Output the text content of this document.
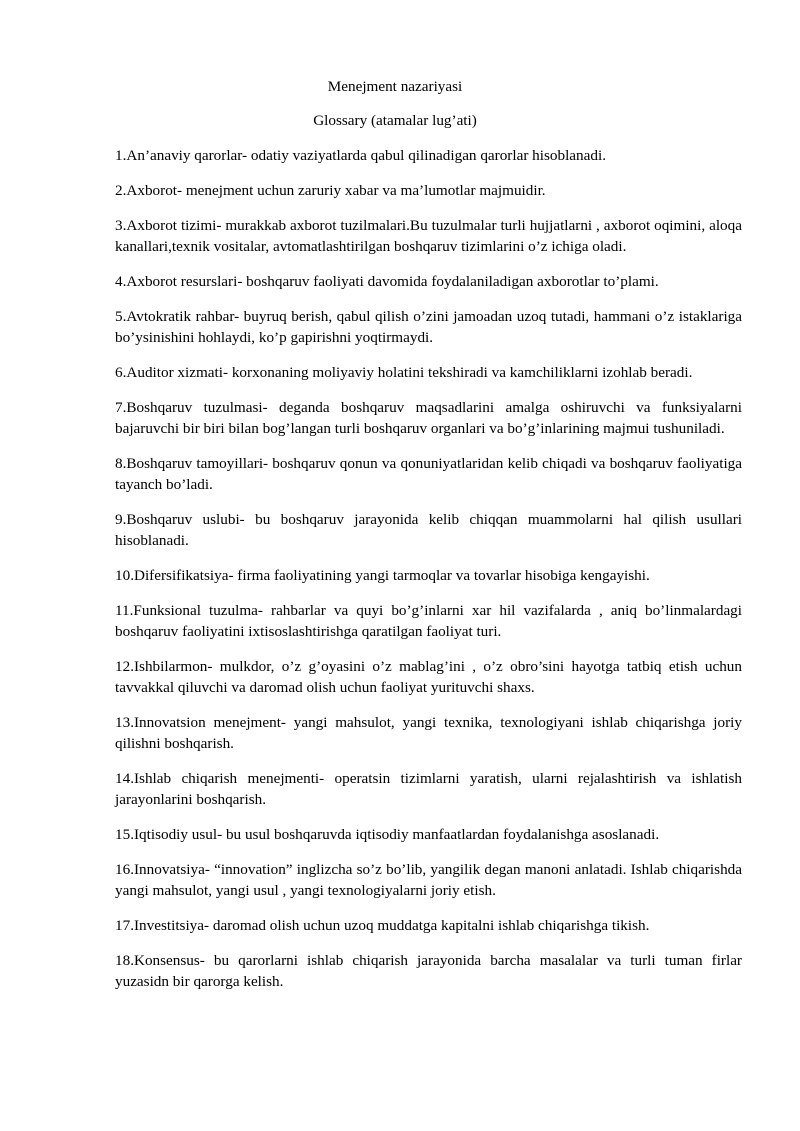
Menejment nazariyasi
Glossary (atamalar lug’ati)

1.An’anaviy qarorlar- odatiy vaziyatlarda qabul qilinadigan qarorlar hisoblanadi.

2.Axborot- menejment uchun zaruriy xabar va ma’lumotlar majmuidir.

3.Axborot tizimi- murakkab axborot tuzilmalari.Bu tuzulmalar turli hujjatlarni , axborot oqimini, aloqa kanallari,texnik vositalar, avtomatlashtirilgan boshqaruv tizimlarini o’z ichiga oladi.

4.Axborot resurslari- boshqaruv faoliyati davomida foydalaniladigan axborotlar to’plami.

5.Avtokratik rahbar- buyruq berish, qabul qilish o’zini jamoadan uzoq tutadi, hammani o’z istaklariga bo’ysinishini hohlaydi, ko’p gapirishni yoqtirmaydi.

6.Auditor xizmati- korxonaning moliyaviy holatini tekshiradi va kamchiliklarni izohlab beradi.

7.Boshqaruv tuzulmasi- deganda boshqaruv maqsadlarini amalga oshiruvchi va funksiyalarni bajaruvchi bir biri bilan bog’langan turli boshqaruv organlari va bo’g’inlarining majmui tushuniladi.

8.Boshqaruv tamoyillari- boshqaruv qonun va qonuniyatlaridan kelib chiqadi va boshqaruv faoliyatiga tayanch bo’ladi.

9.Boshqaruv uslubi- bu boshqaruv jarayonida kelib chiqqan muammolarni hal qilish usullari hisoblanadi.

10.Difersifikatsiya- firma faoliyatining yangi tarmoqlar va tovarlar hisobiga kengayishi.

11.Funksional tuzulma- rahbarlar va quyi bo’g’inlarni xar hil vazifalarda , aniq bo’linmalardagi boshqaruv faoliyatini ixtisoslashtirishga qaratilgan faoliyat turi.

12.Ishbilarmon- mulkdor, o’z g’oyasini o’z mablag’ini , o’z obro’sini hayotga tatbiq etish uchun tavvakkal qiluvchi va daromad olish uchun faoliyat yurituvchi shaxs.

13.Innovatsion menejment- yangi mahsulot, yangi texnika, texnologiyani ishlab chiqarishga joriy qilishni boshqarish.

14.Ishlab chiqarish menejmenti- operatsin tizimlarni yaratish, ularni rejalashtirish va ishlatish jarayonlarini boshqarish.

15.Iqtisodiy usul- bu usul boshqaruvda iqtisodiy manfaatlardan foydalanishga asoslanadi.

16.Innovatsiya- “innovation” inglizcha so’z bo’lib, yangilik degan manoni anlatadi. Ishlab chiqarishda yangi mahsulot, yangi usul , yangi texnologiyalarni joriy etish.

17.Investitsiya- daromad olish uchun uzoq muddatga kapitalni ishlab chiqarishga tikish.

18.Konsensus- bu qarorlarni ishlab chiqarish jarayonida barcha masalalar va turli tuman firlar yuzasidn bir qarorga kelish.
